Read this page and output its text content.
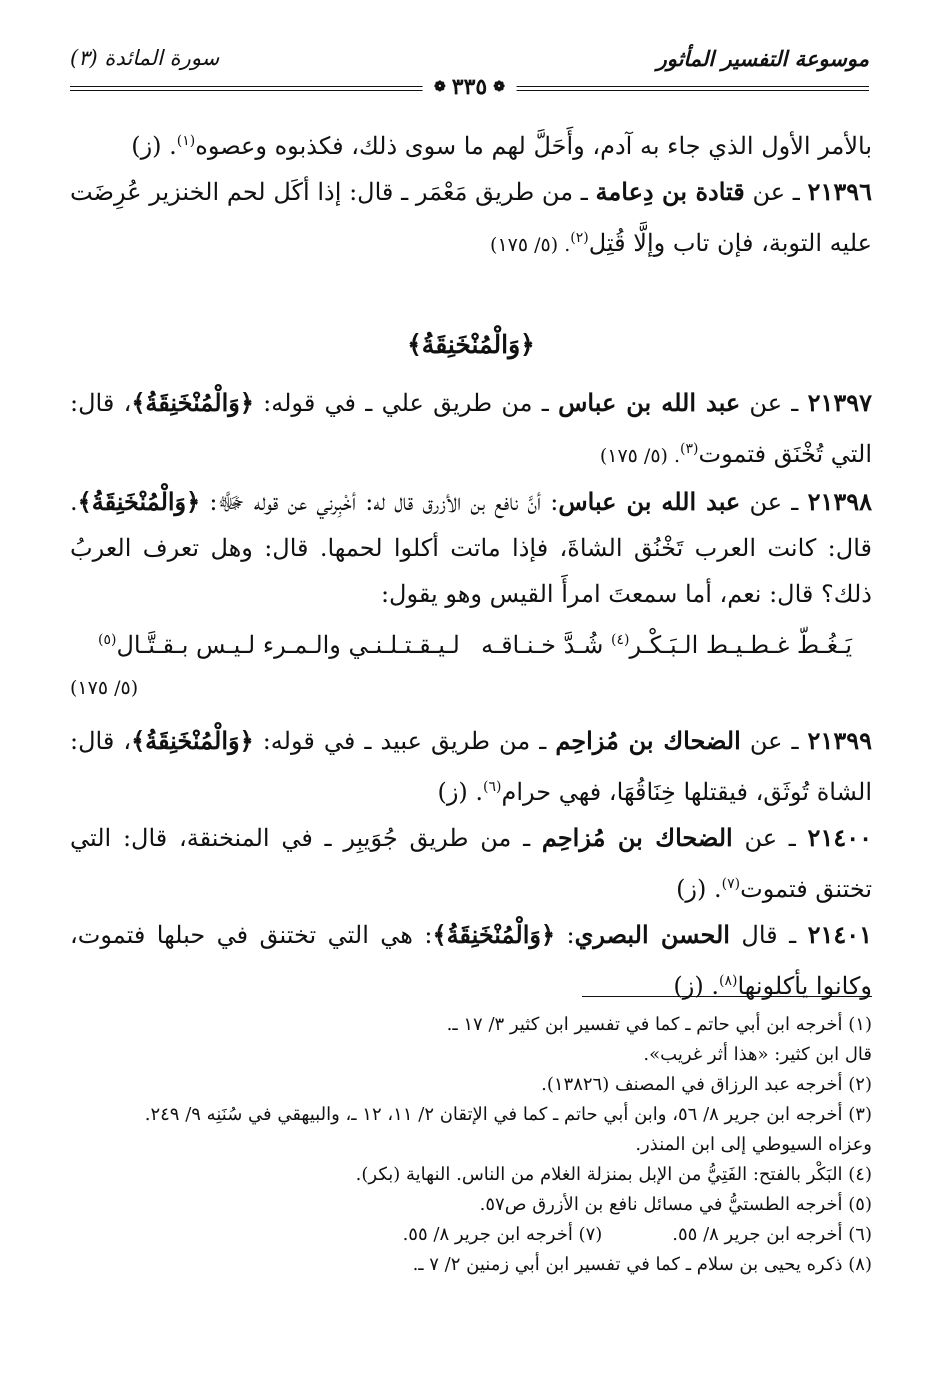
موسوعة التفسير المأثور
سورة المائدة (٣)
❁ ٣٣٥ ❁

بالأمر الأول الذي جاء به آدم، وأَحَلَّ لهم ما سوى ذلك، فكذبوه وعصوه$^{(١)}$. (ز)

٢١٣٩٦ ـ عن قتادة بن دِعامة ـ من طريق مَعْمَر ـ قال: إذا أكَل لحم الخنزير عُرِضَت عليه التوبة، فإن تاب وإلَّا قُتِل$^{(٢)}$. (٥/ ١٧٥)

﴿وَالْمُنْخَنِقَةُ﴾

٢١٣٩٧ ـ عن عبد الله بن عباس ـ من طريق علي ـ في قوله: ﴿وَالْمُنْخَنِقَةُ﴾، قال: التي تُخْنَق فتموت$^{(٣)}$. (٥/ ١٧٥)

٢١٣٩٨ ـ عن عبد الله بن عباس: أنَّ نافع بن الأزرق قال له: أخْبِرني عن قوله ﷻ: ﴿وَالْمُنْخَنِقَةُ﴾. قال: كانت العرب تَخْنُق الشاةَ، فإذا ماتت أكلوا لحمها. قال: وهل تعرف العربُ ذلك؟ قال: نعم، أما سمعتَ امرأَ القيس وهو يقول:

يَـغُـطّ غـطـيـط الـبَـكْـر$^{(٤)}$ شُـدَّ خـنـاقـه
لـيـقـتـلـنـي والـمـرء لـيـس بـقـتَّـال$^{(٥)}$
(٥/ ١٧٥)

٢١٣٩٩ ـ عن الضحاك بن مُزاحِم ـ من طريق عبيد ـ في قوله: ﴿وَالْمُنْخَنِقَةُ﴾، قال: الشاة تُوثَق، فيقتلها خِنَاقُهَا، فهي حرام$^{(٦)}$. (ز)

٢١٤٠٠ ـ عن الضحاك بن مُزاحِم ـ من طريق جُوَيبِر ـ في المنخنقة، قال: التي تختنق فتموت$^{(٧)}$. (ز)

٢١٤٠١ ـ قال الحسن البصري: ﴿وَالْمُنْخَنِقَةُ﴾: هي التي تختنق في حبلها فتموت، وكانوا يأكلونها$^{(٨)}$. (ز)

(١) أخرجه ابن أبي حاتم ـ كما في تفسير ابن كثير ٣/ ١٧ ـ.

قال ابن كثير: «هذا أثر غريب».

(٢) أخرجه عبد الرزاق في المصنف (١٣٨٢٦).

(٣) أخرجه ابن جرير ٨/ ٥٦، وابن أبي حاتم ـ كما في الإتقان ٢/ ١١، ١٢ ـ، والبيهقي في سُنَنِه ٩/ ٢٤٩.

وعزاه السيوطي إلى ابن المنذر.

(٤) البَكْر بالفتح: الفَتِيُّ من الإبل بمنزلة الغلام من الناس. النهاية (بكر).

(٥) أخرجه الطستيُّ في مسائل نافع بن الأزرق ص٥٧.

(٦) أخرجه ابن جرير ٨/ ٥٥.
(٧) أخرجه ابن جرير ٨/ ٥٥.

(٨) ذكره يحيى بن سلام ـ كما في تفسير ابن أبي زمنين ٢/ ٧ ـ.
